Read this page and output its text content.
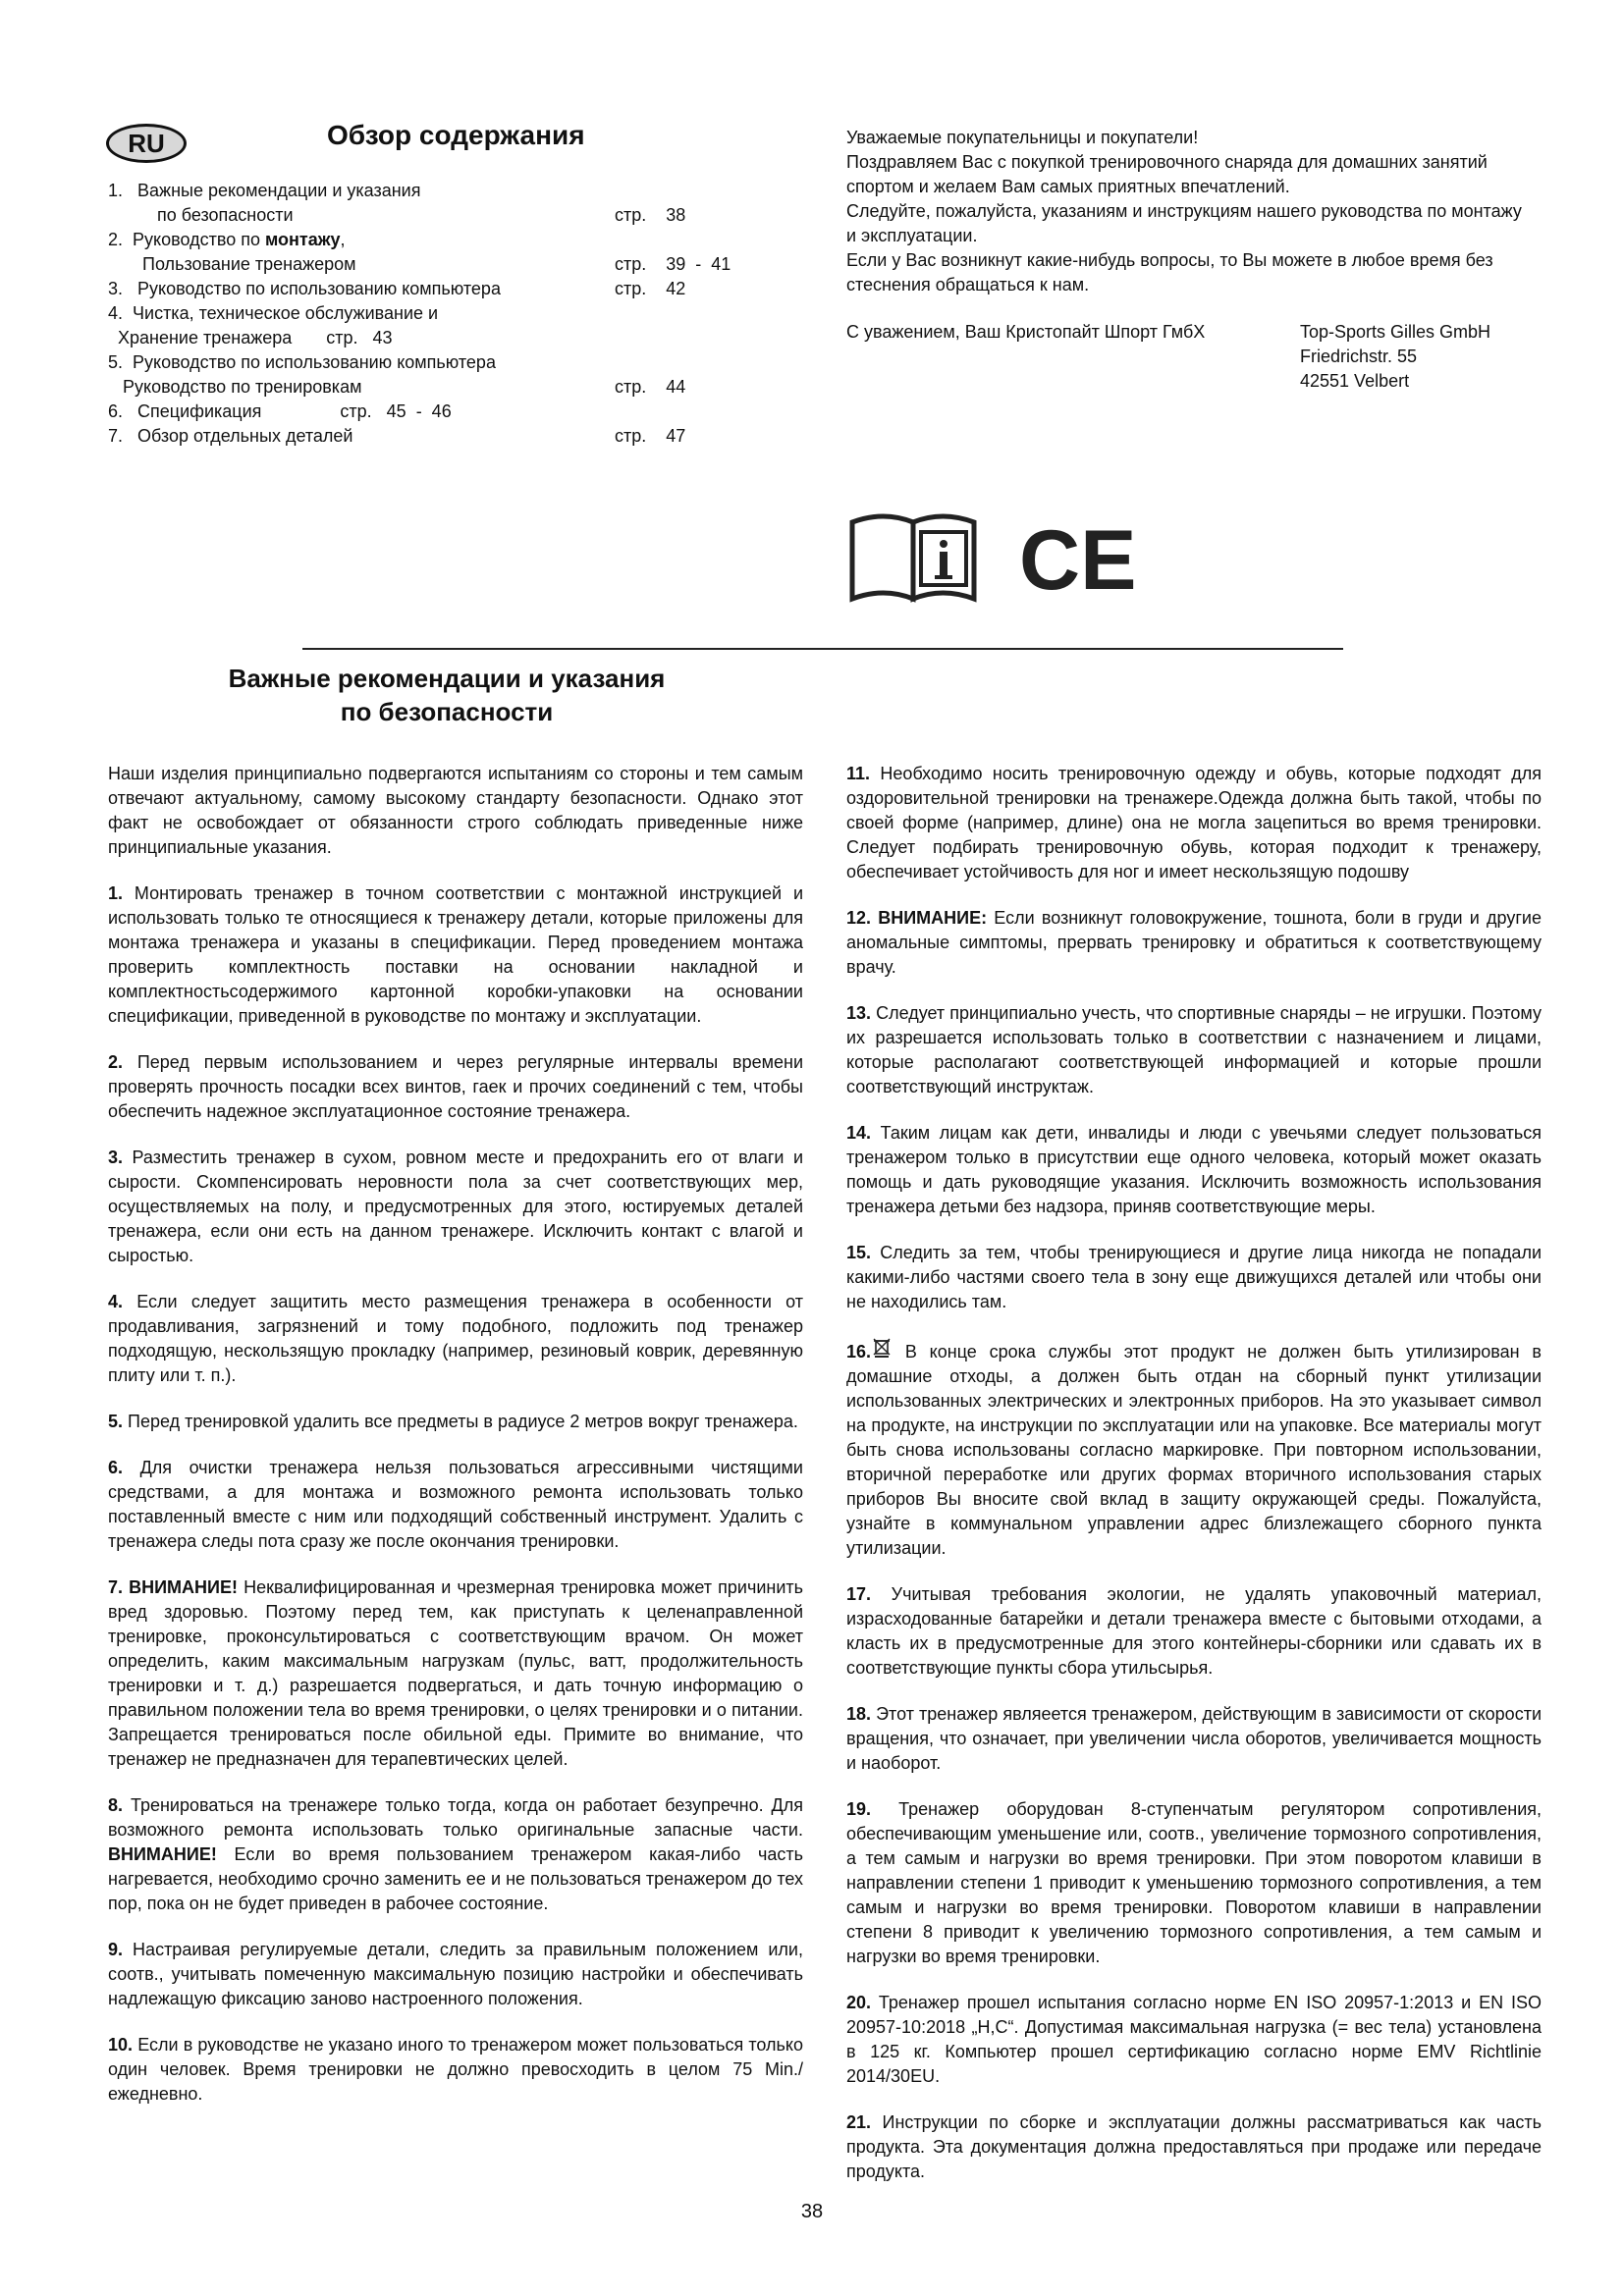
RU	Обзор содержания
1.   Важные рекомендации и указания
по безопасности	стр.    38
2.  Руководство по монтажу,
Пользование тренажером	стр.    39  -  41
3.   Руководство по использованию компьютера	стр.    42
4.  Чистка, техническое обслуживание и
Хранение тренажера       стр.   43
5.  Руководство по использованию компьютера
Руководство по тренировкам	стр.    44
6.   Спецификация                стр.   45  -  46
7.   Обзор отдельных деталей	стр.    47

Уважаемые покупательницы и покупатели!

Поздравляем Вас с покупкой тренировочного снаряда для домашних занятий спортом и желаем Вам самых приятных впечатлений.

Следуйте, пожалуйста, указаниям и инструкциям нашего руководства по монтажу и эксплуатации.

Если у Вас возникнут какие-нибудь вопросы, то Вы можете в любое время без стеснения обращаться к нам.

С уважением, Ваш Кристопайт Шпорт ГмбХ	Top-Sports Gilles GmbH
Friedrichstr. 55
42551 Velbert
CE
Важные рекомендации и указания
по безопасности

Наши изделия принципиально подвергаются испытаниям со стороны и тем самым отвечают актуальному, самому высокому стандарту безопасности. Однако этот факт не освобождает от обязанности строго соблюдать приведенные ниже принципиальные указания.

1. Монтировать тренажер в точном соответствии с монтажной инструкцией и использовать только те относящиеся к тренажеру детали, которые приложены для монтажа тренажера и указаны в спецификации. Перед проведением монтажа проверить комплектность поставки на основании накладной и комплектностьсодержимого картонной коробки-упаковки на основании спецификации, приведенной в руководстве по монтажу и эксплуатации.

2. Перед первым использованием и через регулярные интервалы времени проверять прочность посадки всех винтов, гаек и прочих соединений с тем, чтобы обеспечить надежное эксплуатационное состояние тренажера.

3. Разместить тренажер в сухом, ровном месте и предохранить его от влаги и сырости. Скомпенсировать неровности пола за счет соответствующих мер, осуществляемых на полу, и предусмотренных для этого, юстируемых деталей тренажера, если они есть на данном тренажере. Исключить контакт с влагой и сыростью.

4. Если следует защитить место размещения тренажера в особенности от продавливания, загрязнений и тому подобного, подложить под тренажер подходящую, нескользящую прокладку (например, резиновый коврик, деревянную плиту или т. п.).

5. Перед тренировкой удалить все предметы в радиусе 2 метров вокруг тренажера.

6. Для очистки тренажера нельзя пользоваться агрессивными чистящими средствами, а для монтажа и возможного ремонта использовать только поставленный вместе с ним или подходящий собственный инструмент. Удалить с тренажера следы пота сразу же после окончания тренировки.

7. ВНИМАНИЕ! Неквалифицированная и чрезмерная тренировка может причинить вред здоровью. Поэтому перед тем, как приступать к целенаправленной тренировке, проконсультироваться с соответствующим врачом. Он может определить, каким максимальным нагрузкам (пульс, ватт, продолжительность тренировки и т. д.) разрешается подвергаться, и дать точную информацию о правильном положении тела во время тренировки, о целях тренировки и о питании. Запрещается тренироваться после обильной еды. Примите во внимание, что тренажер не предназначен для терапевтических целей.

8. Тренироваться на тренажере только тогда, когда он работает безупречно. Для возможного ремонта использовать только оригинальные запасные части. ВНИМАНИЕ! Если во время пользованием тренажером какая-либо часть нагревается, необходимо срочно заменить ее и не пользоваться тренажером до тех пор, пока он не будет приведен в рабочее состояние.

9. Настраивая регулируемые детали, следить за правильным положением или, соотв., учитывать помеченную максимальную позицию настройки и обеспечивать надлежащую фиксацию заново настроенного положения.

10. Если в руководстве не указано иного то тренажером может пользоваться только один человек. Время тренировки не должно превосходить в целом 75 Min./ежедневно.

11. Необходимо носить тренировочную одежду и обувь, которые подходят для оздоровительной тренировки на тренажере.Одежда должна быть такой, чтобы по своей форме (например, длине) она не могла зацепиться во время тренировки. Следует подбирать тренировочную обувь, которая подходит к тренажеру, обеспечивает устойчивость для ног и имеет нескользящую подошву

12. ВНИМАНИЕ: Если возникнут головокружение, тошнота, боли в груди и другие аномальные симптомы, прервать тренировку и обратиться к соответствующему врачу.

13. Следует принципиально учесть, что спортивные снаряды – не игрушки. Поэтому их разрешается использовать только в соответствии с назначением и лицами, которые располагают соответствующей информацией и которые прошли соответствующий инструктаж.

14. Таким лицам как дети, инвалиды и люди с увечьями следует пользоваться тренажером только в присутствии еще одного человека, который может оказать помощь и дать руководящие указания. Исключить возможность использования тренажера детьми без надзора, приняв соответствующие меры.

15. Следить за тем, чтобы тренирующиеся и другие лица никогда не попадали какими-либо частями своего тела в зону еще движущихся деталей или чтобы они не находились там.

16. В конце срока службы этот продукт не должен быть утилизирован в домашние отходы, а должен быть отдан на сборный пункт утилизации использованных электрических и электронных приборов. На это указывает символ на продукте, на инструкции по эксплуатации или на упаковке. Все материалы могут быть снова использованы согласно маркировке. При повторном использовании, вторичной переработке или других формах вторичного использования старых приборов Вы вносите свой вклад в защиту окружающей среды. Пожалуйста, узнайте в коммунальном управлении адрес близлежащего сборного пункта утилизации.

17. Учитывая требования экологии, не удалять упаковочный материал, израсходованные батарейки и детали тренажера вместе с бытовыми отходами, а класть их в предусмотренные для этого контейнеры-сборники или сдавать их в соответствующие пункты сбора утильсырья.

18. Этот тренажер являеется тренажером, действующим в зависимости от скорости вращения, что означает, при увеличении числа оборотов, увеличивается мощность и наоборот.

19. Тренажер оборудован 8-ступенчатым регулятором сопротивления, обеспечивающим уменьшение или, соотв., увеличение тормозного сопротивления, а тем самым и нагрузки во время тренировки. При этом поворотом клавиши в направлении степени 1 приводит к уменьшению тормозного сопротивления, а тем самым и нагрузки во время тренировки. Поворотом клавиши в направлении степени 8 приводит к увеличению тормозного сопротивления, а тем самым и нагрузки во время тренировки.

20. Тренажер прошел испытания согласно норме EN ISO 20957-1:2013 и EN ISO 20957-10:2018 „H,C“. Допустимая максимальная нагрузка (= вес тела) установлена в 125 кг. Компьютер прошел сертификацию согласно норме EMV Richtlinie 2014/30EU.

21. Инструкции по сборке и эксплуатации должны рассматриваться как часть продукта. Эта документация должна предоставляться при продаже или передаче продукта.

38
